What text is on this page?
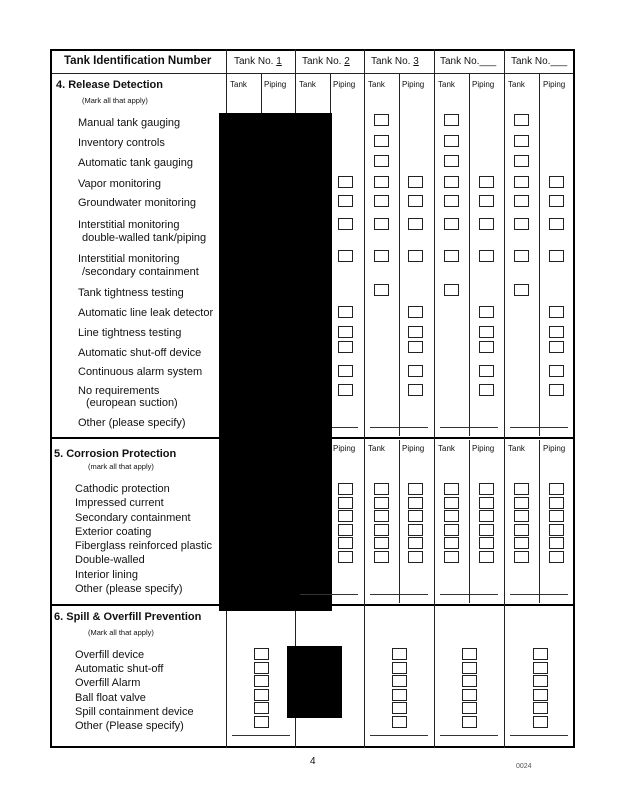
Tank Identification Number Tank No. 1 Tank No. 2 Tank No. 3 Tank No.___ Tank No.___
Tank Piping Tank Piping Tank Piping Tank Piping Tank Piping
4. Release Detection
(Mark all that apply)
Manual tank gauging
Inventory controls
Automatic tank gauging
Vapor monitoring
Groundwater monitoring
Interstitial monitoring
double-walled tank/piping
Interstitial monitoring
/secondary containment
Tank tightness testing
Automatic line leak detector
Line tightness testing
Automatic shut-off device
Continuous alarm system
No requirements
(european suction)
Other (please specify)
5. Corrosion Protection
(mark all that apply)
Piping Tank Piping Tank Piping Tank Piping
Cathodic protection
Impressed current
Secondary containment
Exterior coating
Fiberglass reinforced plastic
Double-walled
Interior lining
Other (please specify)
6. Spill & Overfill Prevention
(Mark all that apply)
Overfill device
Automatic shut-off
Overfill Alarm
Ball float valve
Spill containment device
Other (Please specify)
4	0024
